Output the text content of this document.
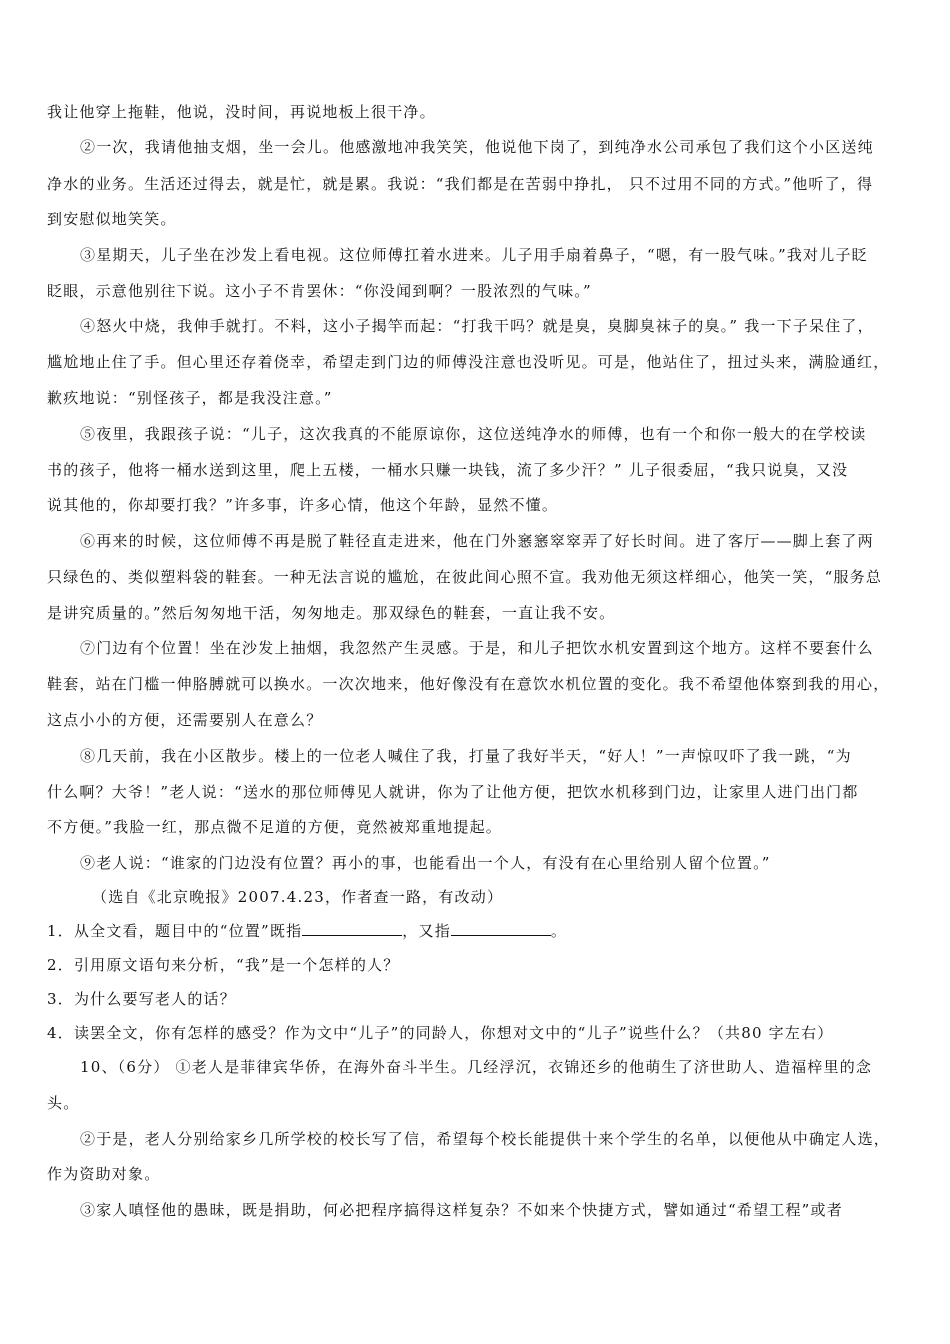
我让他穿上拖鞋，他说，没时间，再说地板上很干净。
②一次，我请他抽支烟，坐一会儿。他感激地冲我笑笑，他说他下岗了，到纯净水公司承包了我们这个小区送纯
净水的业务。生活还过得去，就是忙，就是累。我说：“我们都是在苦弱中挣扎， 只不过用不同的方式。”他听了，得
到安慰似地笑笑。
③星期天，儿子坐在沙发上看电视。这位师傅扛着水进来。儿子用手扇着鼻子，“嗯，有一股气味。”我对儿子眨
眨眼，示意他别往下说。这小子不肯罢休：“你没闻到啊？一股浓烈的气味。”
④怒火中烧，我伸手就打。不料，这小子揭竿而起：“打我干吗？就是臭，臭脚臭袜子的臭。” 我一下子呆住了，
尴尬地止住了手。但心里还存着侥幸，希望走到门边的师傅没注意也没听见。可是，他站住了，扭过头来，满脸通红，
歉疚地说：“别怪孩子，都是我没注意。”
⑤夜里，我跟孩子说：“儿子，这次我真的不能原谅你，这位送纯净水的师傅，也有一个和你一般大的在学校读
书的孩子，他将一桶水送到这里，爬上五楼，一桶水只赚一块钱，流了多少汗？” 儿子很委屈，“我只说臭，又没
说其他的，你却要打我？”许多事，许多心情，他这个年龄，显然不懂。
⑥再来的时候，这位师傅不再是脱了鞋径直走进来，他在门外窸窸窣窣弄了好长时间。进了客厅——脚上套了两
只绿色的、类似塑料袋的鞋套。一种无法言说的尴尬，在彼此间心照不宣。我劝他无须这样细心，他笑一笑，“服务总
是讲究质量的。”然后匆匆地干活，匆匆地走。那双绿色的鞋套，一直让我不安。
⑦门边有个位置！坐在沙发上抽烟，我忽然产生灵感。于是，和儿子把饮水机安置到这个地方。这样不要套什么
鞋套，站在门槛一伸胳膊就可以换水。一次次地来，他好像没有在意饮水机位置的变化。我不希望他体察到我的用心，
这点小小的方便，还需要别人在意么？
⑧几天前，我在小区散步。楼上的一位老人喊住了我，打量了我好半天，“好人！”一声惊叹吓了我一跳，“为
什么啊？大爷！”老人说：“送水的那位师傅见人就讲，你为了让他方便，把饮水机移到门边，让家里人进门出门都
不方便。”我脸一红，那点微不足道的方便，竟然被郑重地提起。
⑨老人说：“谁家的门边没有位置？再小的事，也能看出一个人，有没有在心里给别人留个位置。”
（选自《北京晚报》2007.4.23，作者查一路，有改动）
1．从全文看，题目中的“位置”既指	，又指	。
2．引用原文语句来分析，“我”是一个怎样的人？
3．为什么要写老人的话？
4．读罢全文，你有怎样的感受？作为文中“儿子”的同龄人，你想对文中的“儿子”说些什么？（共80 字左右）
10、（6分） ①老人是菲律宾华侨，在海外奋斗半生。几经浮沉，衣锦还乡的他萌生了济世助人、造福梓里的念
头。
②于是，老人分别给家乡几所学校的校长写了信，希望每个校长能提供十来个学生的名单，以便他从中确定人选，
作为资助对象。
③家人嗔怪他的愚昧，既是捐助，何必把程序搞得这样复杂？不如来个快捷方式，譬如通过“希望工程”或者
